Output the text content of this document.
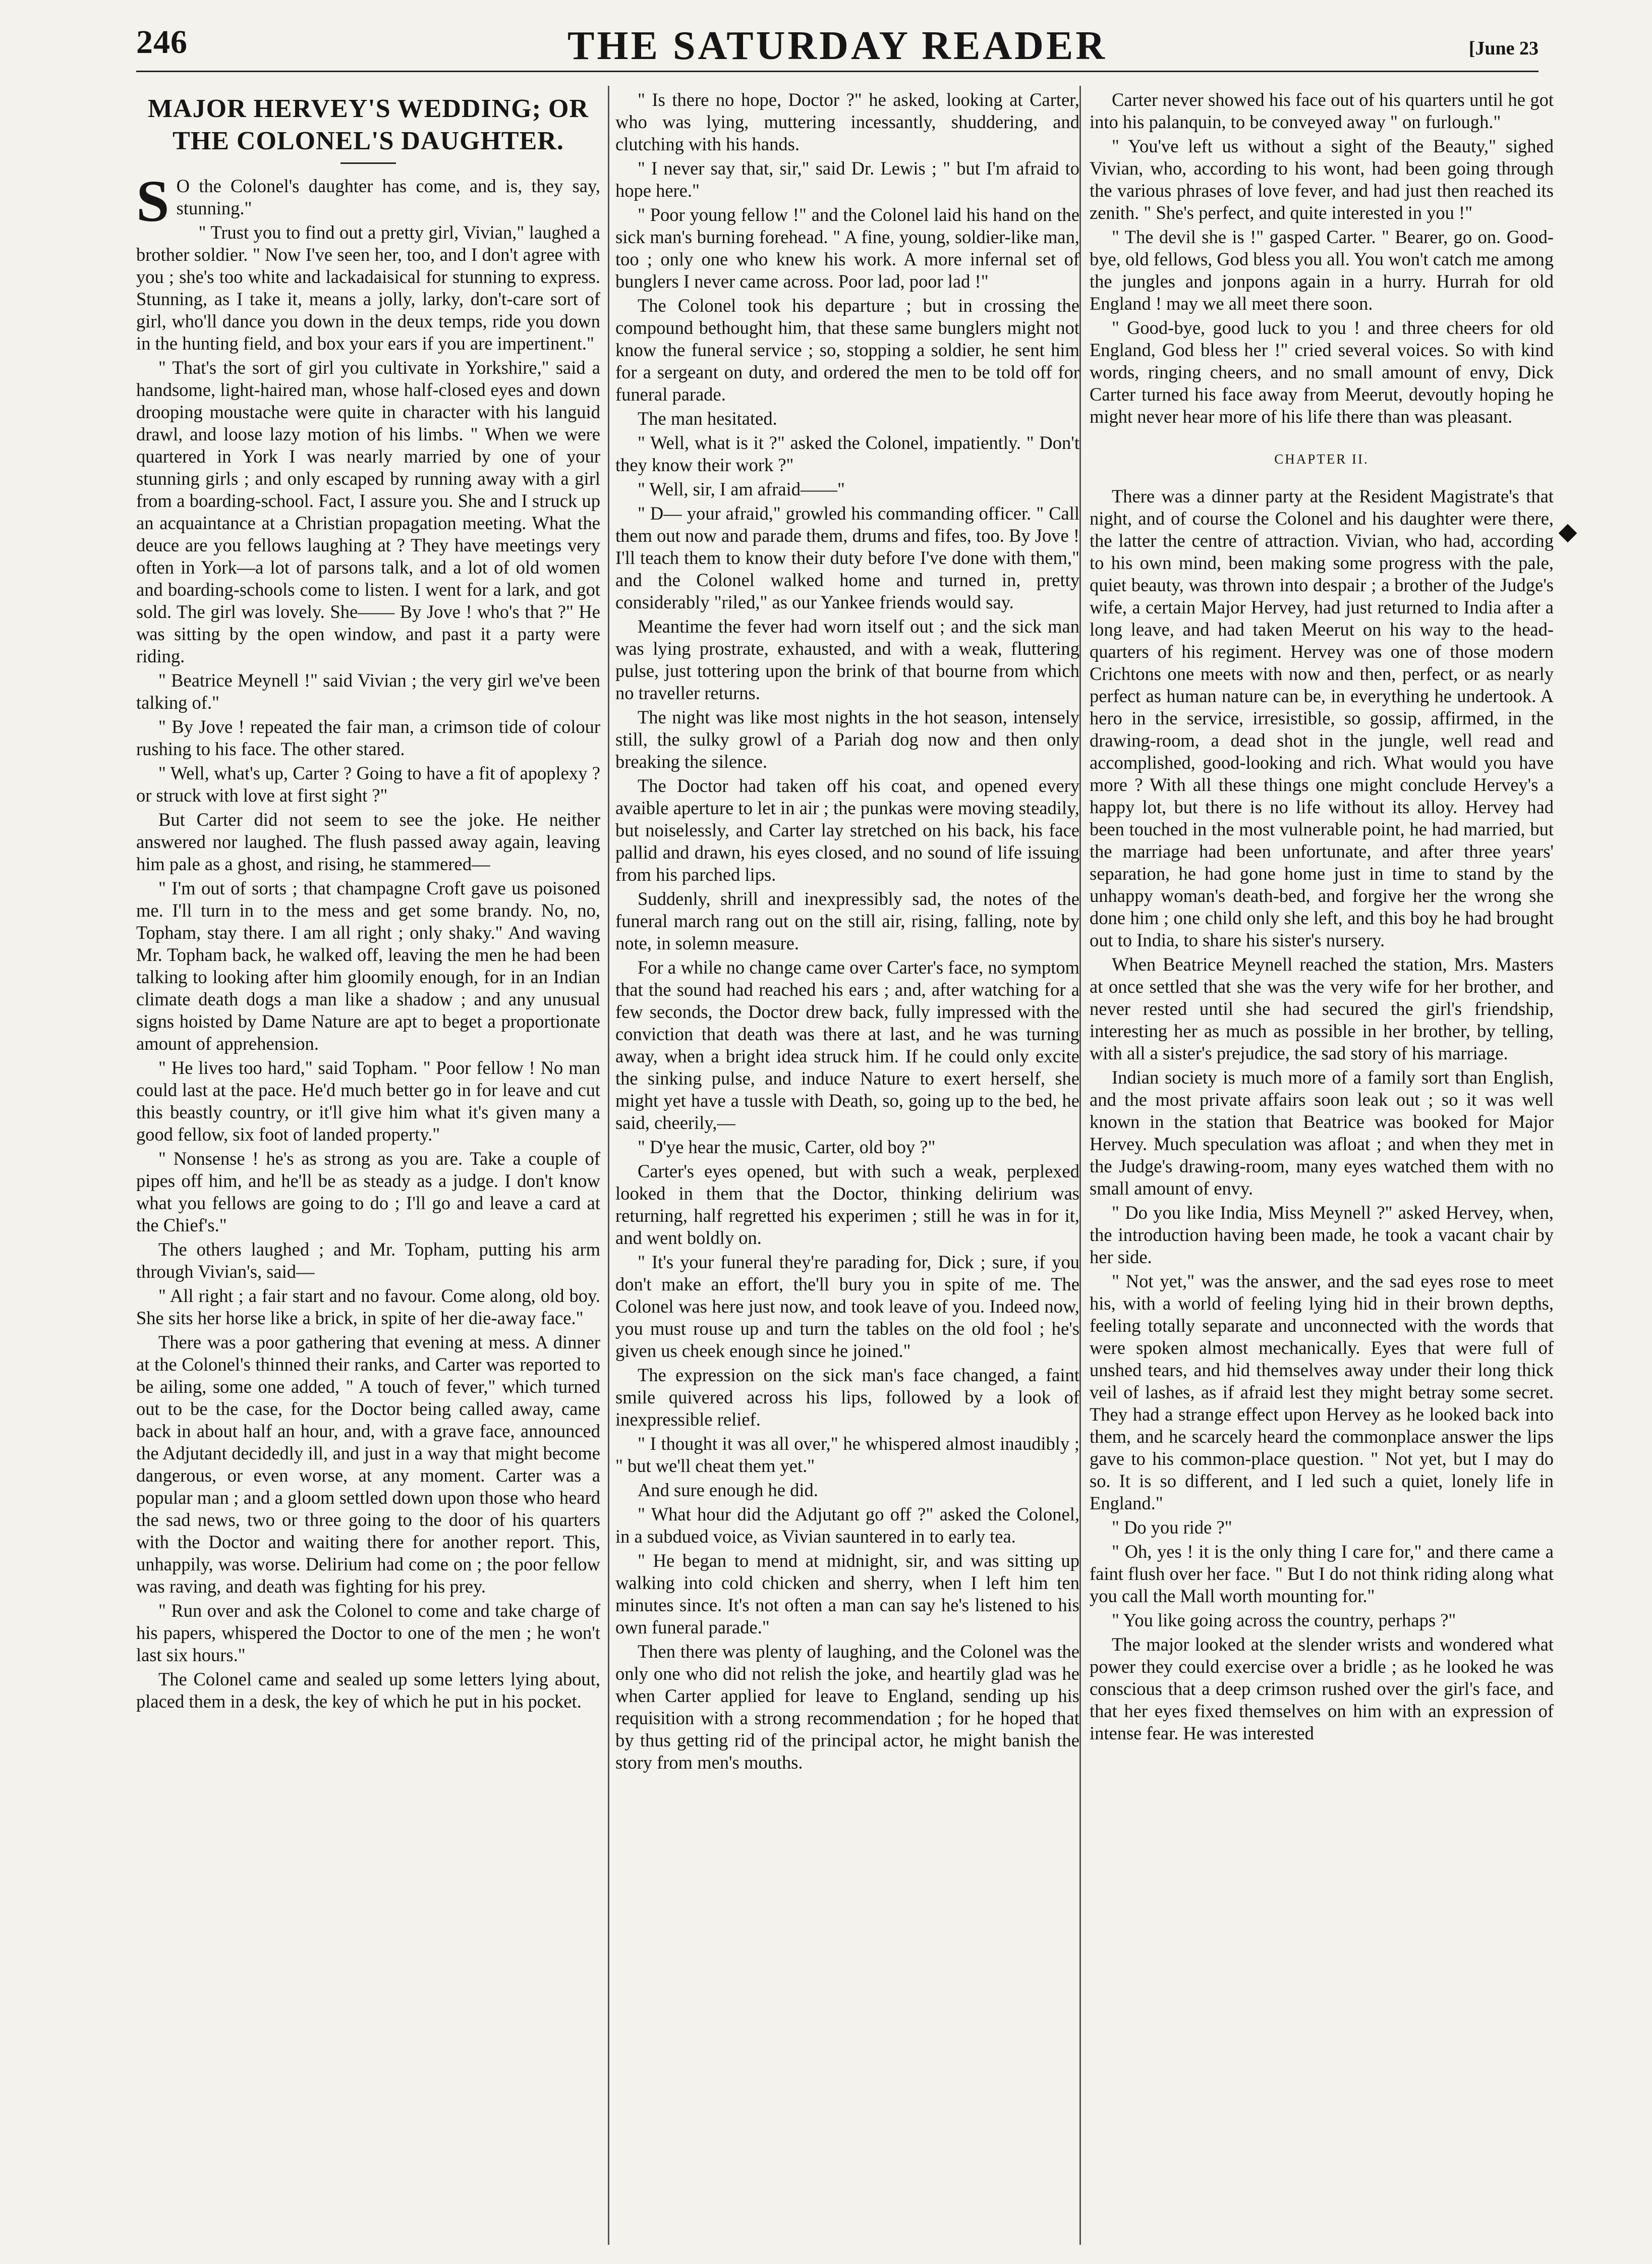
246	THE SATURDAY READER	[June 23
MAJOR HERVEY'S WEDDING; OR
THE COLONEL'S DAUGHTER.

S O the Colonel's daughter has come, and is, they say, stunning."

" Trust you to find out a pretty girl, Vivian," laughed a brother soldier. " Now I've seen her, too, and I don't agree with you ; she's too white and lackadaisical for stunning to express. Stunning, as I take it, means a jolly, larky, don't-care sort of girl, who'll dance you down in the deux temps, ride you down in the hunting field, and box your ears if you are impertinent."

" That's the sort of girl you cultivate in Yorkshire," said a handsome, light-haired man, whose half-closed eyes and down drooping moustache were quite in character with his languid drawl, and loose lazy motion of his limbs. " When we were quartered in York I was nearly married by one of your stunning girls ; and only escaped by running away with a girl from a boarding-school. Fact, I assure you. She and I struck up an acquaintance at a Christian propagation meeting. What the deuce are you fellows laughing at ? They have meetings very often in York—a lot of parsons talk, and a lot of old women and boarding-schools come to listen. I went for a lark, and got sold. The girl was lovely. She—— By Jove ! who's that ?" He was sitting by the open window, and past it a party were riding.

" Beatrice Meynell !" said Vivian ; the very girl we've been talking of."

" By Jove ! repeated the fair man, a crimson tide of colour rushing to his face. The other stared.

" Well, what's up, Carter ? Going to have a fit of apoplexy ? or struck with love at first sight ?"

But Carter did not seem to see the joke. He neither answered nor laughed. The flush passed away again, leaving him pale as a ghost, and rising, he stammered—

" I'm out of sorts ; that champagne Croft gave us poisoned me. I'll turn in to the mess and get some brandy. No, no, Topham, stay there. I am all right ; only shaky." And waving Mr. Topham back, he walked off, leaving the men he had been talking to looking after him gloomily enough, for in an Indian climate death dogs a man like a shadow ; and any unusual signs hoisted by Dame Nature are apt to beget a proportionate amount of apprehension.

" He lives too hard," said Topham. " Poor fellow ! No man could last at the pace. He'd much better go in for leave and cut this beastly country, or it'll give him what it's given many a good fellow, six foot of landed property."

" Nonsense ! he's as strong as you are. Take a couple of pipes off him, and he'll be as steady as a judge. I don't know what you fellows are going to do ; I'll go and leave a card at the Chief's."

The others laughed ; and Mr. Topham, putting his arm through Vivian's, said—

" All right ; a fair start and no favour. Come along, old boy. She sits her horse like a brick, in spite of her die-away face."

There was a poor gathering that evening at mess. A dinner at the Colonel's thinned their ranks, and Carter was reported to be ailing, some one added, " A touch of fever," which turned out to be the case, for the Doctor being called away, came back in about half an hour, and, with a grave face, announced the Adjutant decidedly ill, and just in a way that might become dangerous, or even worse, at any moment. Carter was a popular man ; and a gloom settled down upon those who heard the sad news, two or three going to the door of his quarters with the Doctor and waiting there for another report. This, unhappily, was worse. Delirium had come on ; the poor fellow was raving, and death was fighting for his prey.

" Run over and ask the Colonel to come and take charge of his papers, whispered the Doctor to one of the men ; he won't last six hours."

The Colonel came and sealed up some letters lying about, placed them in a desk, the key of which he put in his pocket.

" Is there no hope, Doctor ?" he asked, looking at Carter, who was lying, muttering incessantly, shuddering, and clutching with his hands.

" I never say that, sir," said Dr. Lewis ; " but I'm afraid to hope here."

" Poor young fellow !" and the Colonel laid his hand on the sick man's burning forehead. " A fine, young, soldier-like man, too ; only one who knew his work. A more infernal set of bunglers I never came across. Poor lad, poor lad !"

The Colonel took his departure ; but in crossing the compound bethought him, that these same bunglers might not know the funeral service ; so, stopping a soldier, he sent him for a sergeant on duty, and ordered the men to be told off for funeral parade.

The man hesitated.

" Well, what is it ?" asked the Colonel, impatiently. " Don't they know their work ?"

" Well, sir, I am afraid——"

" D— your afraid," growled his commanding officer. " Call them out now and parade them, drums and fifes, too. By Jove ! I'll teach them to know their duty before I've done with them," and the Colonel walked home and turned in, pretty considerably "riled," as our Yankee friends would say.

Meantime the fever had worn itself out ; and the sick man was lying prostrate, exhausted, and with a weak, fluttering pulse, just tottering upon the brink of that bourne from which no traveller returns.

The night was like most nights in the hot season, intensely still, the sulky growl of a Pariah dog now and then only breaking the silence.

The Doctor had taken off his coat, and opened every avaible aperture to let in air ; the punkas were moving steadily, but noiselessly, and Carter lay stretched on his back, his face pallid and drawn, his eyes closed, and no sound of life issuing from his parched lips.

Suddenly, shrill and inexpressibly sad, the notes of the funeral march rang out on the still air, rising, falling, note by note, in solemn measure.

For a while no change came over Carter's face, no symptom that the sound had reached his ears ; and, after watching for a few seconds, the Doctor drew back, fully impressed with the conviction that death was there at last, and he was turning away, when a bright idea struck him. If he could only excite the sinking pulse, and induce Nature to exert herself, she might yet have a tussle with Death, so, going up to the bed, he said, cheerily,—

" D'ye hear the music, Carter, old boy ?"

Carter's eyes opened, but with such a weak, perplexed looked in them that the Doctor, thinking delirium was returning, half regretted his experimen ; still he was in for it, and went boldly on.

" It's your funeral they're parading for, Dick ; sure, if you don't make an effort, the'll bury you in spite of me. The Colonel was here just now, and took leave of you. Indeed now, you must rouse up and turn the tables on the old fool ; he's given us cheek enough since he joined."

The expression on the sick man's face changed, a faint smile quivered across his lips, followed by a look of inexpressible relief.

" I thought it was all over," he whispered almost inaudibly ; " but we'll cheat them yet."

And sure enough he did.

" What hour did the Adjutant go off ?" asked the Colonel, in a subdued voice, as Vivian sauntered in to early tea.

" He began to mend at midnight, sir, and was sitting up walking into cold chicken and sherry, when I left him ten minutes since. It's not often a man can say he's listened to his own funeral parade."

Then there was plenty of laughing, and the Colonel was the only one who did not relish the joke, and heartily glad was he when Carter applied for leave to England, sending up his requisition with a strong recommendation ; for he hoped that by thus getting rid of the principal actor, he might banish the story from men's mouths.

Carter never showed his face out of his quarters until he got into his palanquin, to be conveyed away " on furlough."

" You've left us without a sight of the Beauty," sighed Vivian, who, according to his wont, had been going through the various phrases of love fever, and had just then reached its zenith. " She's perfect, and quite interested in you !"

" The devil she is !" gasped Carter. " Bearer, go on. Good-bye, old fellows, God bless you all. You won't catch me among the jungles and jonpons again in a hurry. Hurrah for old England ! may we all meet there soon.

" Good-bye, good luck to you ! and three cheers for old England, God bless her !" cried several voices. So with kind words, ringing cheers, and no small amount of envy, Dick Carter turned his face away from Meerut, devoutly hoping he might never hear more of his life there than was pleasant.

CHAPTER II.

There was a dinner party at the Resident Magistrate's that night, and of course the Colonel and his daughter were there, the latter the centre of attraction. Vivian, who had, according to his own mind, been making some progress with the pale, quiet beauty, was thrown into despair ; a brother of the Judge's wife, a certain Major Hervey, had just returned to India after a long leave, and had taken Meerut on his way to the head-quarters of his regiment. Hervey was one of those modern Crichtons one meets with now and then, perfect, or as nearly perfect as human nature can be, in everything he undertook. A hero in the service, irresistible, so gossip, affirmed, in the drawing-room, a dead shot in the jungle, well read and accomplished, good-looking and rich. What would you have more ? With all these things one might conclude Hervey's a happy lot, but there is no life without its alloy. Hervey had been touched in the most vulnerable point, he had married, but the marriage had been unfortunate, and after three years' separation, he had gone home just in time to stand by the unhappy woman's death-bed, and forgive her the wrong she done him ; one child only she left, and this boy he had brought out to India, to share his sister's nursery.

When Beatrice Meynell reached the station, Mrs. Masters at once settled that she was the very wife for her brother, and never rested until she had secured the girl's friendship, interesting her as much as possible in her brother, by telling, with all a sister's prejudice, the sad story of his marriage.

Indian society is much more of a family sort than English, and the most private affairs soon leak out ; so it was well known in the station that Beatrice was booked for Major Hervey. Much speculation was afloat ; and when they met in the Judge's drawing-room, many eyes watched them with no small amount of envy.

" Do you like India, Miss Meynell ?" asked Hervey, when, the introduction having been made, he took a vacant chair by her side.

" Not yet," was the answer, and the sad eyes rose to meet his, with a world of feeling lying hid in their brown depths, feeling totally separate and unconnected with the words that were spoken almost mechanically. Eyes that were full of unshed tears, and hid themselves away under their long thick veil of lashes, as if afraid lest they might betray some secret. They had a strange effect upon Hervey as he looked back into them, and he scarcely heard the commonplace answer the lips gave to his common-place question. " Not yet, but I may do so. It is so different, and I led such a quiet, lonely life in England."

" Do you ride ?"

" Oh, yes ! it is the only thing I care for," and there came a faint flush over her face. " But I do not think riding along what you call the Mall worth mounting for."

" You like going across the country, perhaps ?"

The major looked at the slender wrists and wondered what power they could exercise over a bridle ; as he looked he was conscious that a deep crimson rushed over the girl's face, and that her eyes fixed themselves on him with an expression of intense fear. He was interested
